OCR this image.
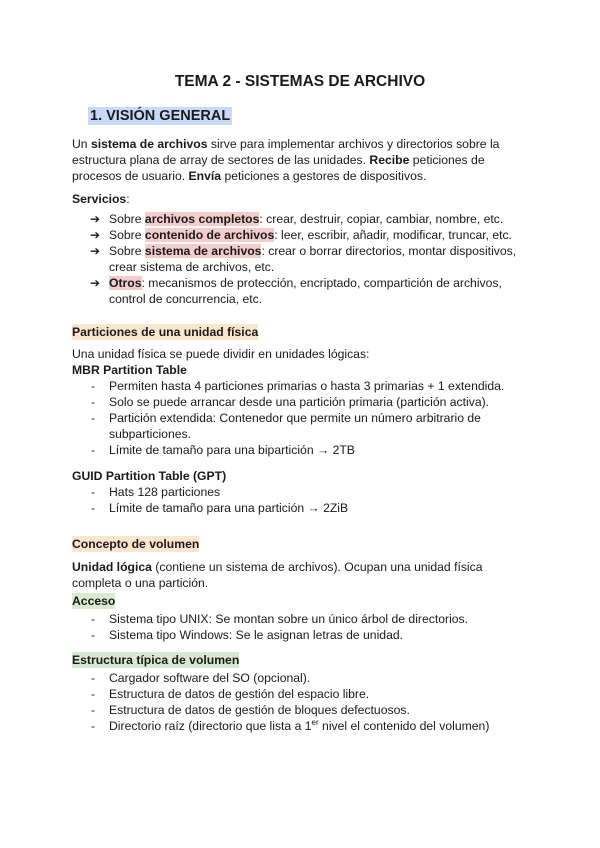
TEMA 2 - SISTEMAS DE ARCHIVO
1. VISIÓN GENERAL
Un sistema de archivos sirve para implementar archivos y directorios sobre la
estructura plana de array de sectores de las unidades. Recibe peticiones de
procesos de usuario. Envía peticiones a gestores de dispositivos.
Servicios:
➔ Sobre archivos completos: crear, destruir, copiar, cambiar, nombre, etc.
➔ Sobre contenido de archivos: leer, escribir, añadir, modificar, truncar, etc.
➔ Sobre sistema de archivos: crear o borrar directorios, montar dispositivos,
crear sistema de archivos, etc.
➔ Otros: mecanismos de protección, encriptado, compartición de archivos,
control de concurrencia, etc.
Particiones de una unidad física
Una unidad física se puede dividir en unidades lógicas:
MBR Partition Table
- Permiten hasta 4 particiones primarias o hasta 3 primarias + 1 extendida.
- Solo se puede arrancar desde una partición primaria (partición activa).
- Partición extendida: Contenedor que permite un número arbitrario de
subparticiones.
- Límite de tamaño para una bipartición → 2TB
GUID Partition Table (GPT)
- Hats 128 particiones
- Límite de tamaño para una partición → 2ZiB
Concepto de volumen
Unidad lógica (contiene un sistema de archivos). Ocupan una unidad física
completa o una partición.
Acceso
- Sistema tipo UNIX: Se montan sobre un único árbol de directorios.
- Sistema tipo Windows: Se le asignan letras de unidad.
Estructura típica de volumen
- Cargador software del SO (opcional).
- Estructura de datos de gestión del espacio libre.
- Estructura de datos de gestión de bloques defectuosos.
- Directorio raíz (directorio que lista a 1er nivel el contenido del volumen)
